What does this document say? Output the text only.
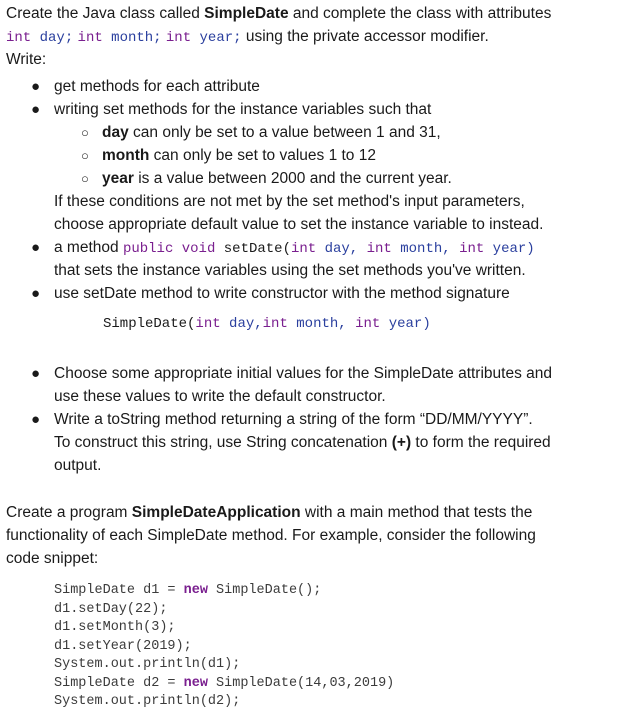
Create the Java class called SimpleDate and complete the class with attributes
int day; int month; int year; using the private accessor modifier.
Write:
● get methods for each attribute
● writing set methods for the instance variables such that
○ day can only be set to a value between 1 and 31,
○ month can only be set to values 1 to 12
○ year is a value between 2000 and the current year.
If these conditions are not met by the set method's input parameters,
choose appropriate default value to set the instance variable to instead.
● a method public void setDate(int day, int month, int year)
that sets the instance variables using the set methods you've written.
● use setDate method to write constructor with the method signature
● Choose some appropriate initial values for the SimpleDate attributes and
use these values to write the default constructor.
● Write a toString method returning a string of the form “DD/MM/YYYY”.
To construct this string, use String concatenation (+) to form the required
output.
Create a program SimpleDateApplication with a main method that tests the
functionality of each SimpleDate method. For example, consider the following
code snippet:
SimpleDate(int day,int month, int year)
SimpleDate d1 = new SimpleDate();
d1.setDay(22);
d1.setMonth(3);
d1.setYear(2019);
System.out.println(d1);
SimpleDate d2 = new SimpleDate(14,03,2019)
System.out.println(d2);
